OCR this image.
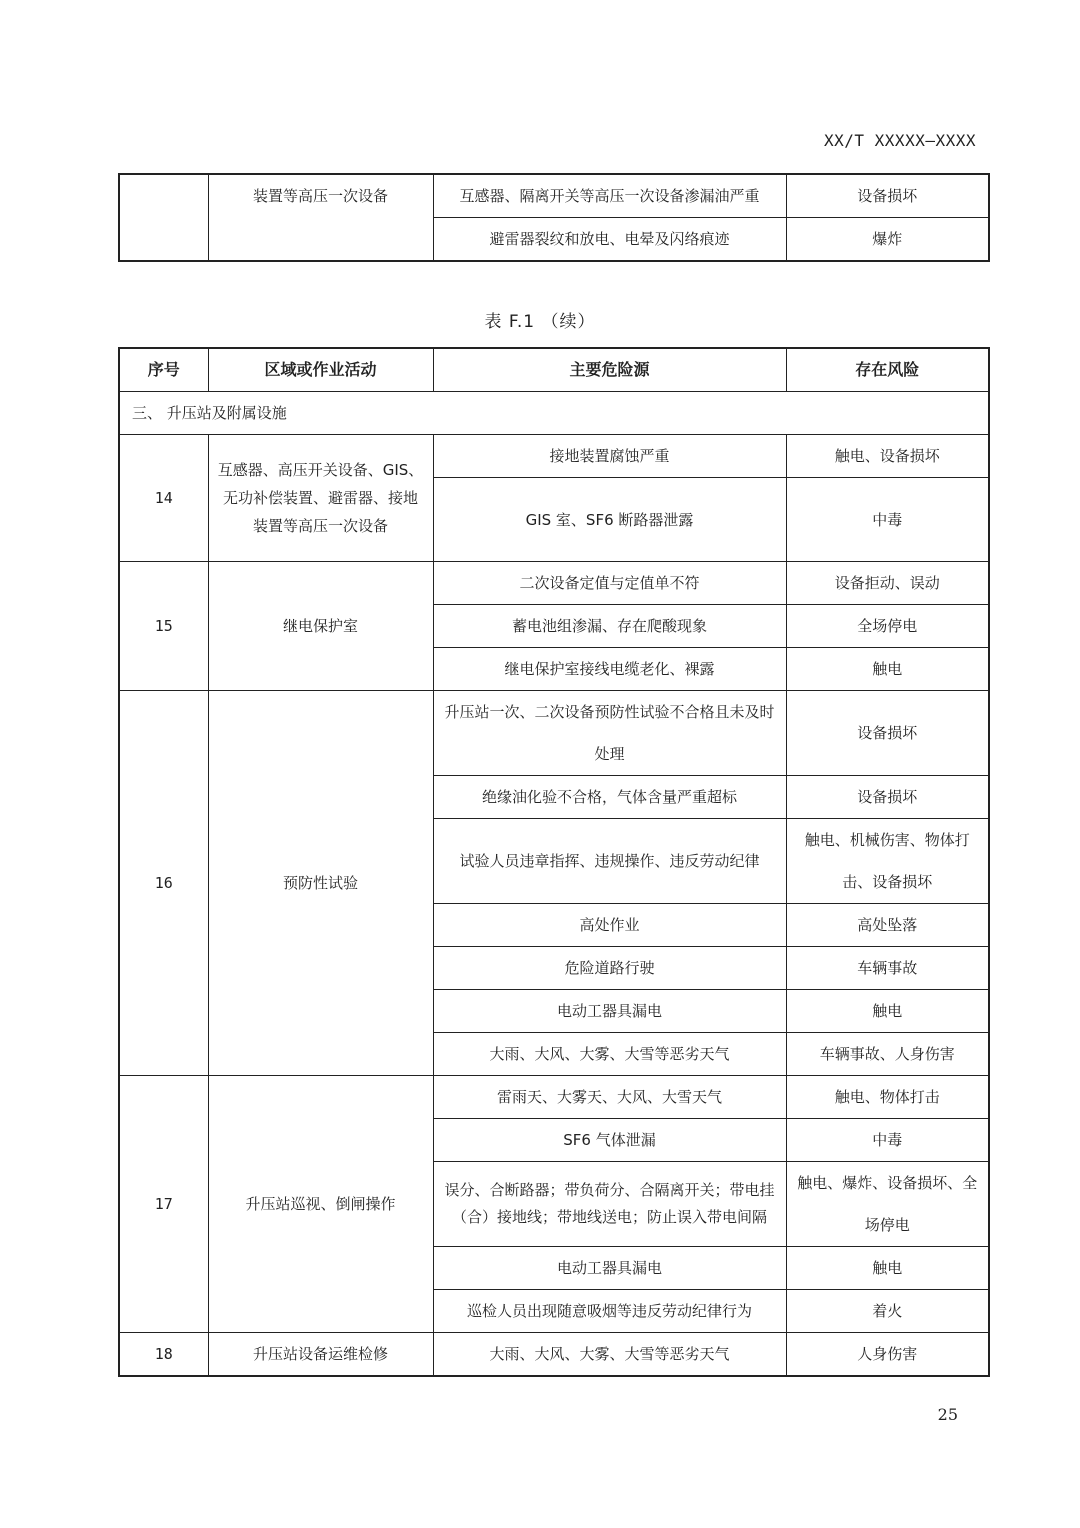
XX/T XXXXX—XXXX
	装置等高压一次设备	互感器、隔离开关等高压一次设备渗漏油严重	设备损坏
		避雷器裂纹和放电、电晕及闪络痕迹	爆炸
表 F.1 （续）
序号	区域或作业活动	主要危险源	存在风险
三、 升压站及附属设施			
14	互感器、高压开关设备、GIS、无功补偿装置、避雷器、接地装置等高压一次设备	接地装置腐蚀严重	触电、设备损坏
		GIS 室、SF6 断路器泄露	中毒
15	继电保护室	二次设备定值与定值单不符	设备拒动、误动
		蓄电池组渗漏、存在爬酸现象	全场停电
		继电保护室接线电缆老化、裸露	触电
16	预防性试验	升压站一次、二次设备预防性试验不合格且未及时处理	设备损坏
		绝缘油化验不合格，气体含量严重超标	设备损坏
		试验人员违章指挥、违规操作、违反劳动纪律	触电、机械伤害、物体打击、设备损坏
		高处作业	高处坠落
		危险道路行驶	车辆事故
		电动工器具漏电	触电
		大雨、大风、大雾、大雪等恶劣天气	车辆事故、人身伤害
17	升压站巡视、倒闸操作	雷雨天、大雾天、大风、大雪天气	触电、物体打击
		SF6 气体泄漏	中毒
		误分、合断路器；带负荷分、合隔离开关；带电挂（合）接地线；带地线送电；防止误入带电间隔	触电、爆炸、设备损坏、全场停电
		电动工器具漏电	触电
		巡检人员出现随意吸烟等违反劳动纪律行为	着火
18	升压站设备运维检修	大雨、大风、大雾、大雪等恶劣天气	人身伤害
25
